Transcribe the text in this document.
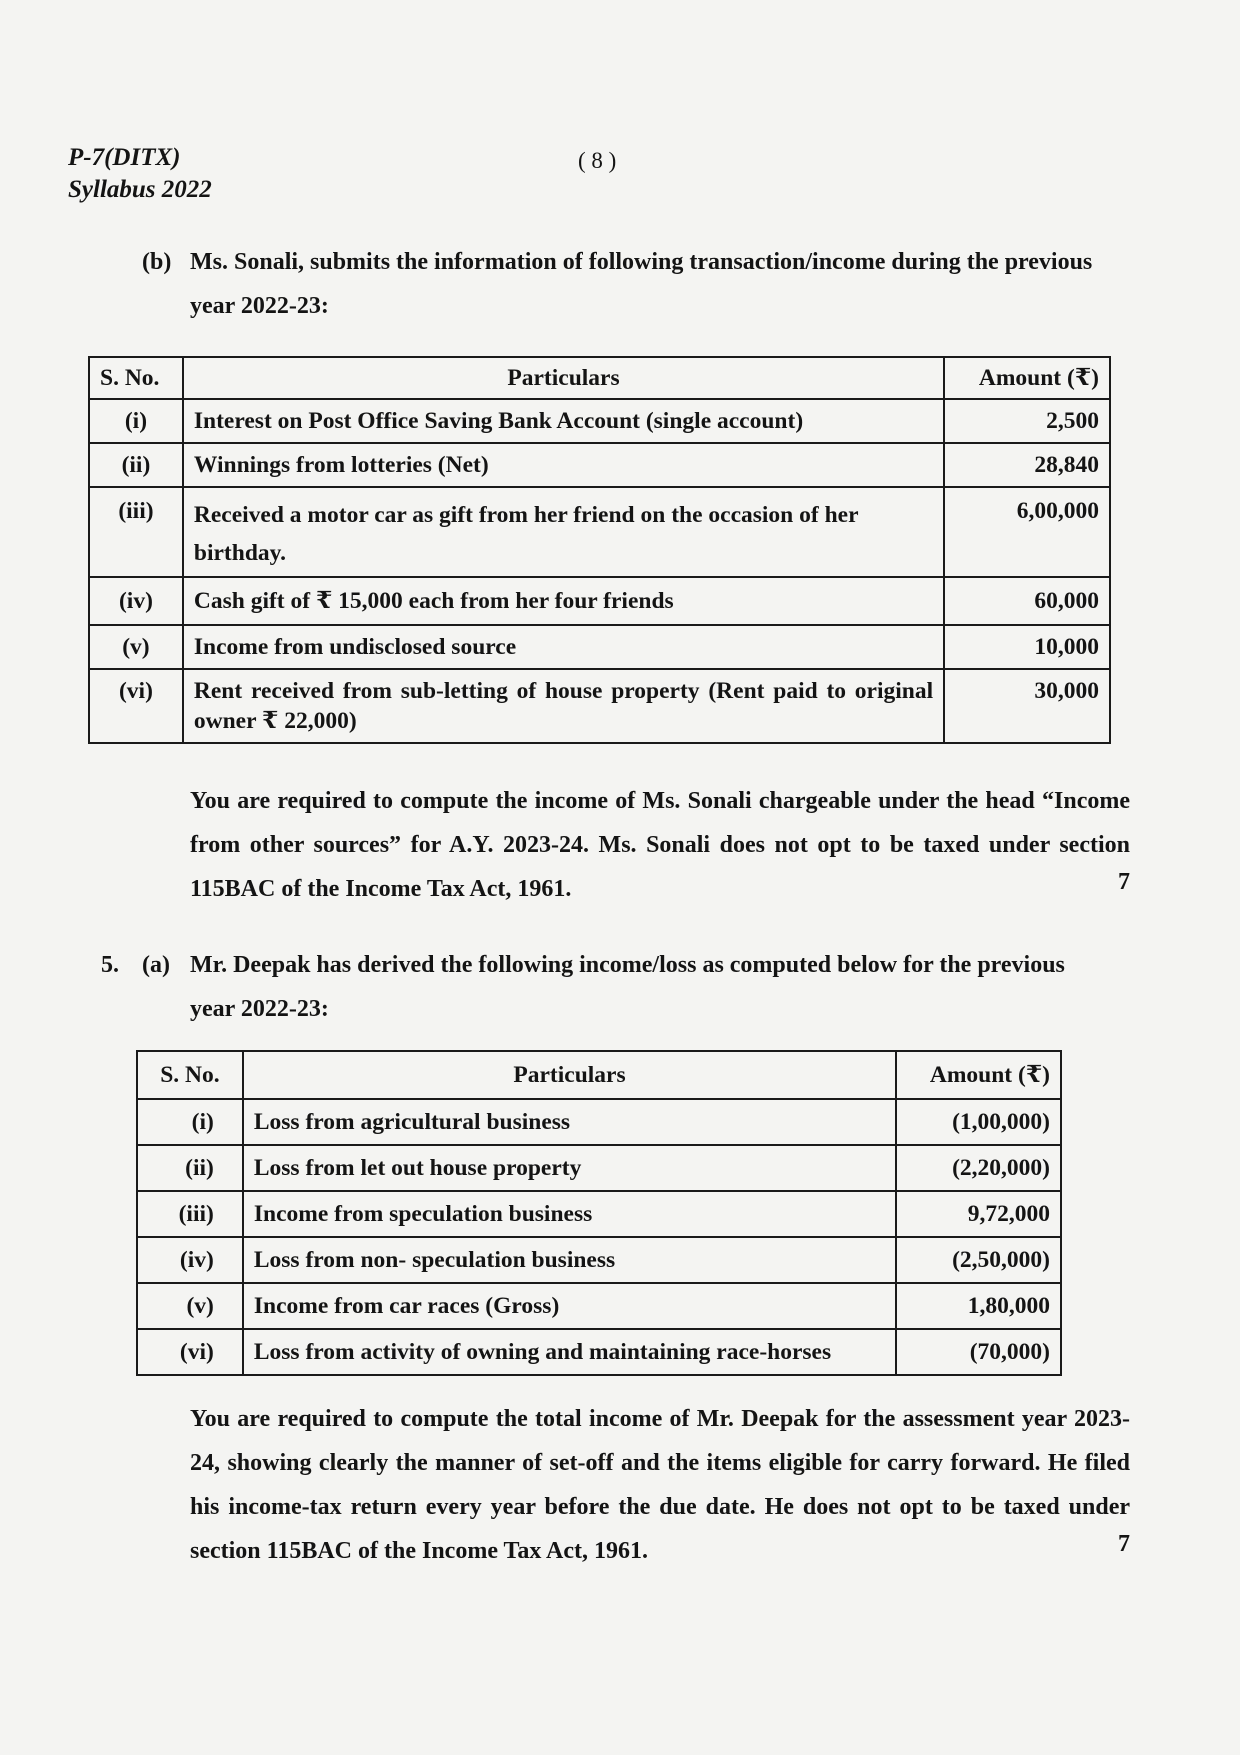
P-7(DITX)
Syllabus 2022
( 8 )
(b) Ms. Sonali, submits the information of following transaction/income during the previous
year 2022-23:
S. No.	Particulars	Amount (₹)
(i)	Interest on Post Office Saving Bank Account (single account)	2,500
(ii)	Winnings from lotteries (Net)	28,840
(iii)	Received a motor car as gift from her friend on the occasion of her birthday.	6,00,000
(iv)	Cash gift of ₹ 15,000 each from her four friends	60,000
(v)	Income from undisclosed source	10,000
(vi)	Rent received from sub-letting of house property (Rent paid to original owner ₹ 22,000)	30,000
You are required to compute the income of Ms. Sonali chargeable under the head “Income from other sources” for A.Y. 2023-24. Ms. Sonali does not opt to be taxed under section 115BAC of the Income Tax Act, 1961.	7
5. (a) Mr. Deepak has derived the following income/loss as computed below for the previous
year 2022-23:
S. No.	Particulars	Amount (₹)
(i)	Loss from agricultural business	(1,00,000)
(ii)	Loss from let out house property	(2,20,000)
(iii)	Income from speculation business	9,72,000
(iv)	Loss from non- speculation business	(2,50,000)
(v)	Income from car races (Gross)	1,80,000
(vi)	Loss from activity of owning and maintaining race-horses	(70,000)
You are required to compute the total income of Mr. Deepak for the assessment year 2023-24, showing clearly the manner of set-off and the items eligible for carry forward. He filed his income-tax return every year before the due date. He does not opt to be taxed under section 115BAC of the Income Tax Act, 1961.	7
